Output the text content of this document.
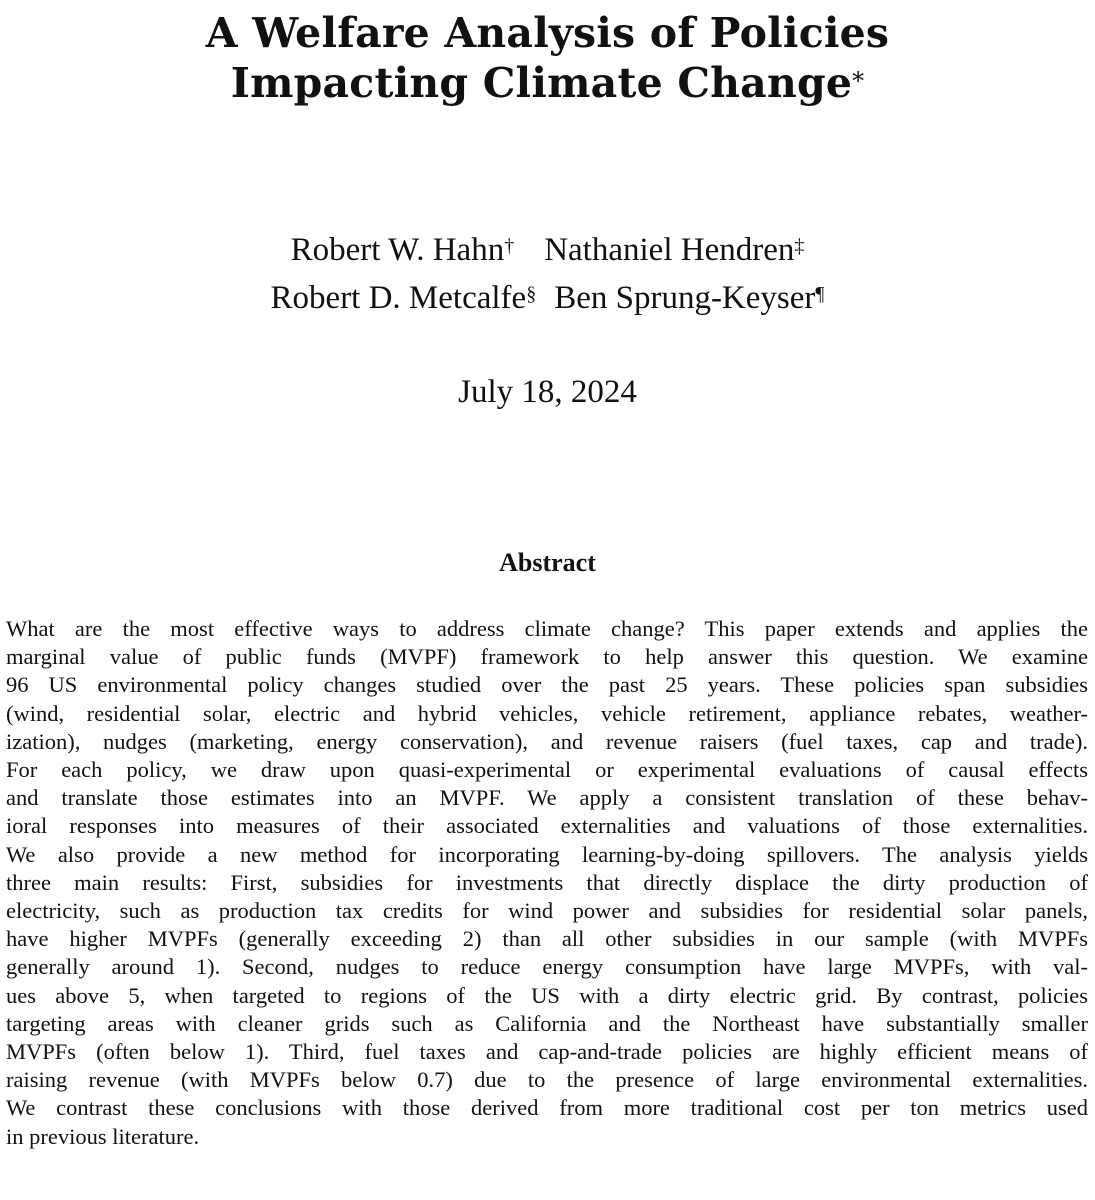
A Welfare Analysis of Policies
Impacting Climate Change*
Robert W. Hahn† Nathaniel Hendren‡
Robert D. Metcalfe§ Ben Sprung-Keyser¶
July 18, 2024
Abstract
What are the most effective ways to address climate change? This paper extends and applies the
marginal value of public funds (MVPF) framework to help answer this question. We examine
96 US environmental policy changes studied over the past 25 years. These policies span subsidies
(wind, residential solar, electric and hybrid vehicles, vehicle retirement, appliance rebates, weather-
ization), nudges (marketing, energy conservation), and revenue raisers (fuel taxes, cap and trade).
For each policy, we draw upon quasi-experimental or experimental evaluations of causal effects
and translate those estimates into an MVPF. We apply a consistent translation of these behav-
ioral responses into measures of their associated externalities and valuations of those externalities.
We also provide a new method for incorporating learning-by-doing spillovers. The analysis yields
three main results: First, subsidies for investments that directly displace the dirty production of
electricity, such as production tax credits for wind power and subsidies for residential solar panels,
have higher MVPFs (generally exceeding 2) than all other subsidies in our sample (with MVPFs
generally around 1). Second, nudges to reduce energy consumption have large MVPFs, with val-
ues above 5, when targeted to regions of the US with a dirty electric grid. By contrast, policies
targeting areas with cleaner grids such as California and the Northeast have substantially smaller
MVPFs (often below 1). Third, fuel taxes and cap-and-trade policies are highly efficient means of
raising revenue (with MVPFs below 0.7) due to the presence of large environmental externalities.
We contrast these conclusions with those derived from more traditional cost per ton metrics used
in previous literature.
